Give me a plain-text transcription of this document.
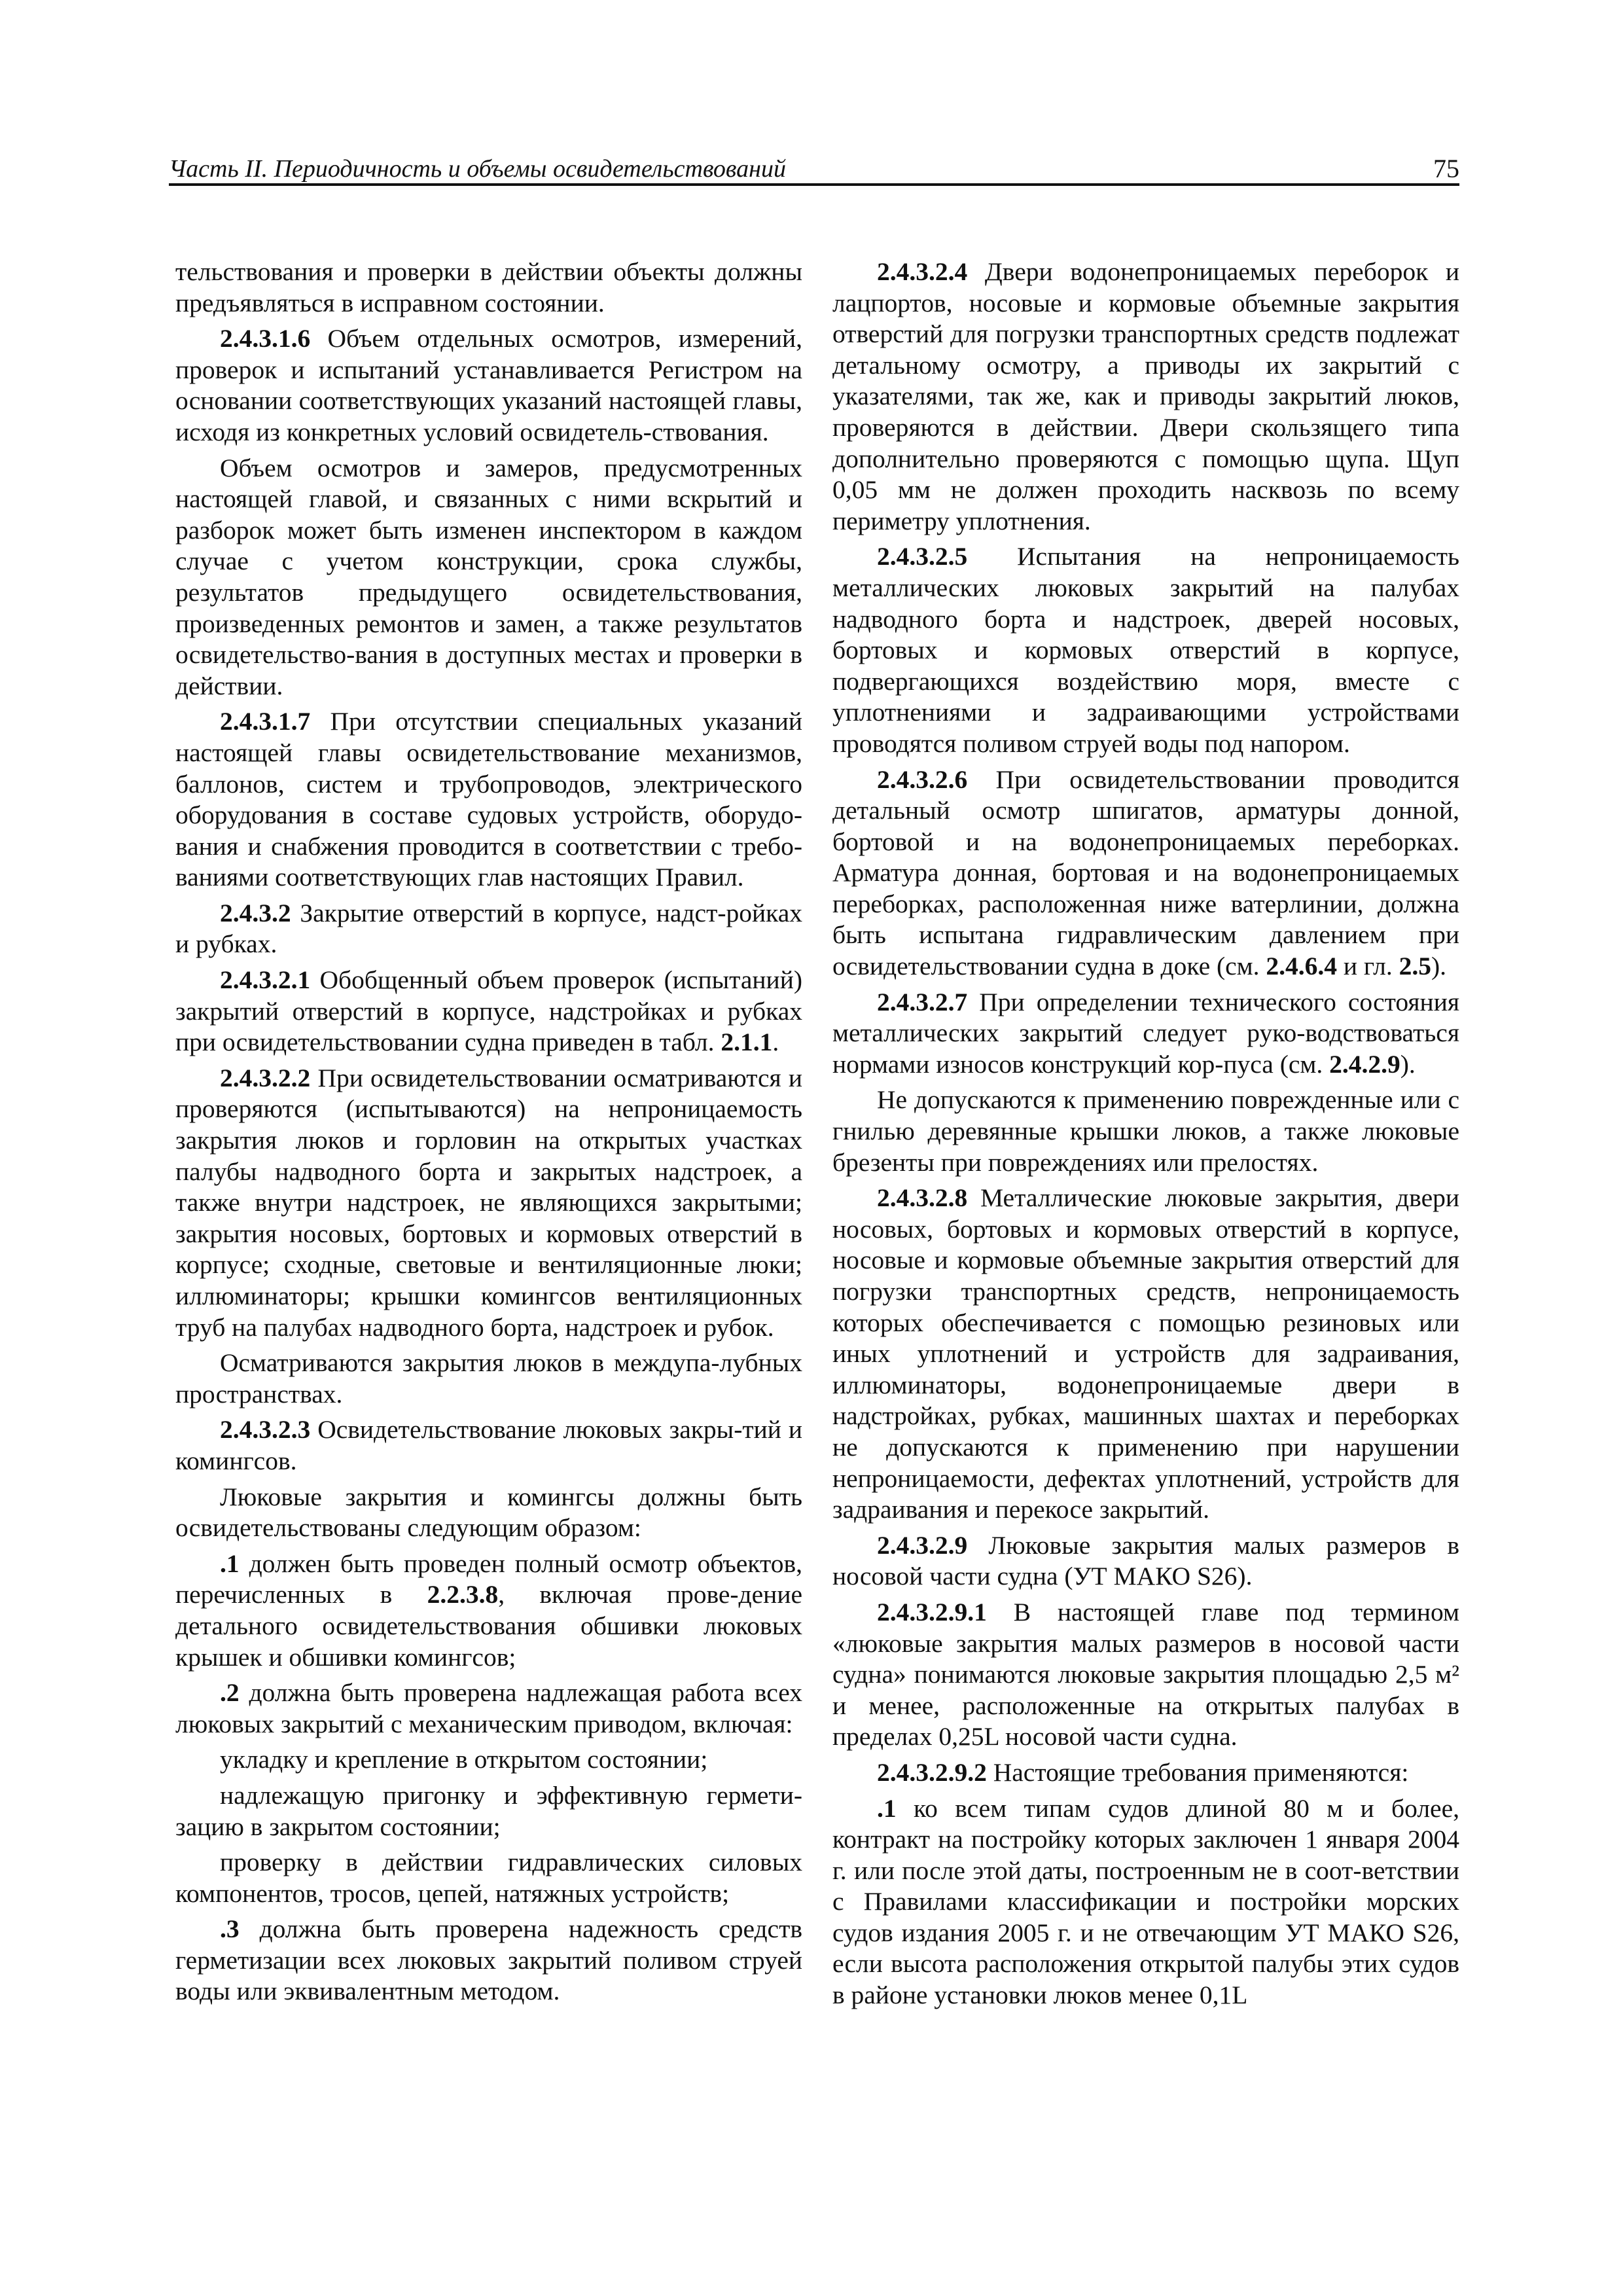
Часть II. Периодичность и объемы освидетельствований	75

тельствования и проверки в действии объекты должны предъявляться в исправном состоянии.

2.4.3.1.6 Объем отдельных осмотров, измерений, проверок и испытаний устанавливается Регистром на основании соответствующих указаний настоящей главы, исходя из конкретных условий освидетель-ствования.

Объем осмотров и замеров, предусмотренных настоящей главой, и связанных с ними вскрытий и разборок может быть изменен инспектором в каждом случае с учетом конструкции, срока службы, результатов предыдущего освидетельствования, произведенных ремонтов и замен, а также результатов освидетельство-вания в доступных местах и проверки в действии.

2.4.3.1.7 При отсутствии специальных указаний настоящей главы освидетельствование механизмов, баллонов, систем и трубопроводов, электрического оборудования в составе судовых устройств, оборудо-вания и снабжения проводится в соответствии с требо-ваниями соответствующих глав настоящих Правил.

2.4.3.2 Закрытие отверстий в корпусе, надст-ройках и рубках.

2.4.3.2.1 Обобщенный объем проверок (испытаний) закрытий отверстий в корпусе, надстройках и рубках при освидетельствовании судна приведен в табл. 2.1.1.

2.4.3.2.2 При освидетельствовании осматриваются и проверяются (испытываются) на непроницаемость закрытия люков и горловин на открытых участках палубы надводного борта и закрытых надстроек, а также внутри надстроек, не являющихся закрытыми; закрытия носовых, бортовых и кормовых отверстий в корпусе; сходные, световые и вентиляционные люки; иллюминаторы; крышки комингсов вентиляционных труб на палубах надводного борта, надстроек и рубок.

Осматриваются закрытия люков в междупа-лубных пространствах.

2.4.3.2.3 Освидетельствование люковых закры-тий и комингсов.

Люковые закрытия и комингсы должны быть освидетельствованы следующим образом:

.1 должен быть проведен полный осмотр объектов, перечисленных в 2.2.3.8, включая прове-дение детального освидетельствования обшивки люковых крышек и обшивки комингсов;

.2 должна быть проверена надлежащая работа всех люковых закрытий с механическим приводом, включая:

укладку и крепление в открытом состоянии;

надлежащую пригонку и эффективную гермети-зацию в закрытом состоянии;

проверку в действии гидравлических силовых компонентов, тросов, цепей, натяжных устройств;

.3 должна быть проверена надежность средств герметизации всех люковых закрытий поливом струей воды или эквивалентным методом.

2.4.3.2.4 Двери водонепроницаемых переборок и лацпортов, носовые и кормовые объемные закрытия отверстий для погрузки транспортных средств подлежат детальному осмотру, а приводы их закрытий с указателями, так же, как и приводы закрытий люков, проверяются в действии. Двери скользящего типа дополнительно проверяются с помощью щупа. Щуп 0,05 мм не должен проходить насквозь по всему периметру уплотнения.

2.4.3.2.5 Испытания на непроницаемость металлических люковых закрытий на палубах надводного борта и надстроек, дверей носовых, бортовых и кормовых отверстий в корпусе, подвергающихся воздействию моря, вместе с уплотнениями и задраивающими устройствами проводятся поливом струей воды под напором.

2.4.3.2.6 При освидетельствовании проводится детальный осмотр шпигатов, арматуры донной, бортовой и на водонепроницаемых переборках. Арматура донная, бортовая и на водонепроницаемых переборках, расположенная ниже ватерлинии, должна быть испытана гидравлическим давлением при освидетельствовании судна в доке (см. 2.4.6.4 и гл. 2.5).

2.4.3.2.7 При определении технического состояния металлических закрытий следует руко-водствоваться нормами износов конструкций кор-пуса (см. 2.4.2.9).

Не допускаются к применению поврежденные или с гнилью деревянные крышки люков, а также люковые брезенты при повреждениях или прелостях.

2.4.3.2.8 Металлические люковые закрытия, двери носовых, бортовых и кормовых отверстий в корпусе, носовые и кормовые объемные закрытия отверстий для погрузки транспортных средств, непроницаемость которых обеспечивается с помощью резиновых или иных уплотнений и устройств для задраивания, иллюминаторы, водонепроницаемые двери в надстройках, рубках, машинных шахтах и переборках не допускаются к применению при нарушении непроницаемости, дефектах уплотнений, устройств для задраивания и перекосе закрытий.

2.4.3.2.9 Люковые закрытия малых размеров в носовой части судна (УТ МАКО S26).

2.4.3.2.9.1 В настоящей главе под термином «люковые закрытия малых размеров в носовой части судна» понимаются люковые закрытия площадью 2,5 м² и менее, расположенные на открытых палубах в пределах 0,25L носовой части судна.

2.4.3.2.9.2 Настоящие требования применяются:

.1 ко всем типам судов длиной 80 м и более, контракт на постройку которых заключен 1 января 2004 г. или после этой даты, построенным не в соот-ветствии с Правилами классификации и постройки морских судов издания 2005 г. и не отвечающим УТ МАКО S26, если высота расположения открытой палубы этих судов в районе установки люков менее 0,1L
